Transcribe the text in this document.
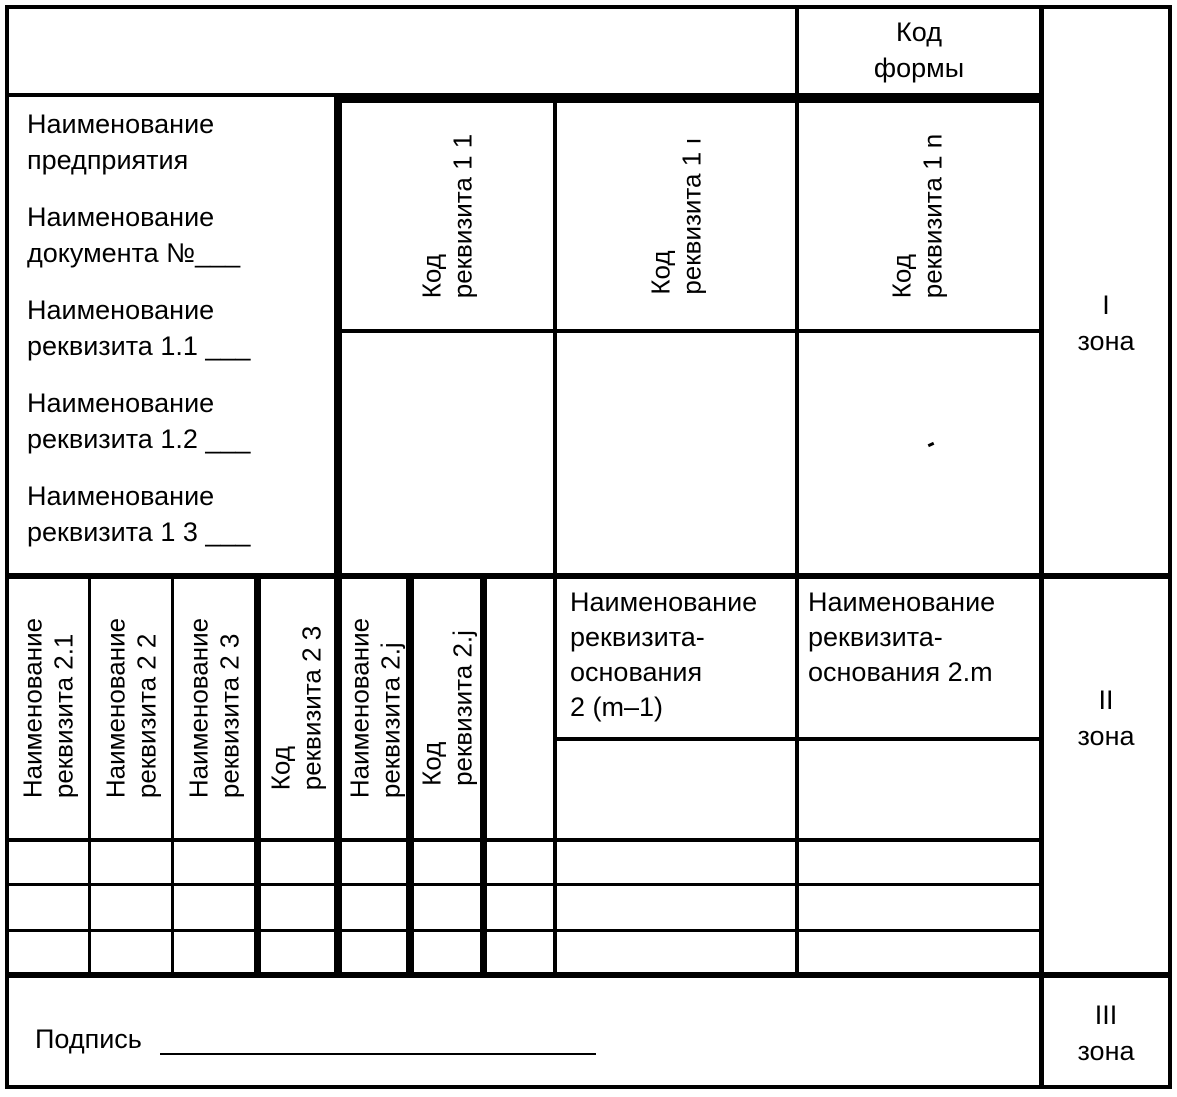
Код
формы
Наименование
предприятия
Наименование
документа №___
Наименование
реквизита 1.1 ___
Наименование
реквизита 1.2 ___
Наименование
реквизита 1 3 ___
Код
реквизита 1 1
Код
реквизита 1 ı
Код
реквизита 1 n
I
зона
Наименование
реквизита 2.1 Наименование
реквизита 2 2 Наименование
реквизита 2 3
Код
реквизита 2 3 Наименование
реквизита 2.j
Код
реквизита 2.j
Наименование
реквизита-
основания
2 (m–1)
Наименование
реквизита-
основания 2.m
II
зона
Подпись
III
зона
